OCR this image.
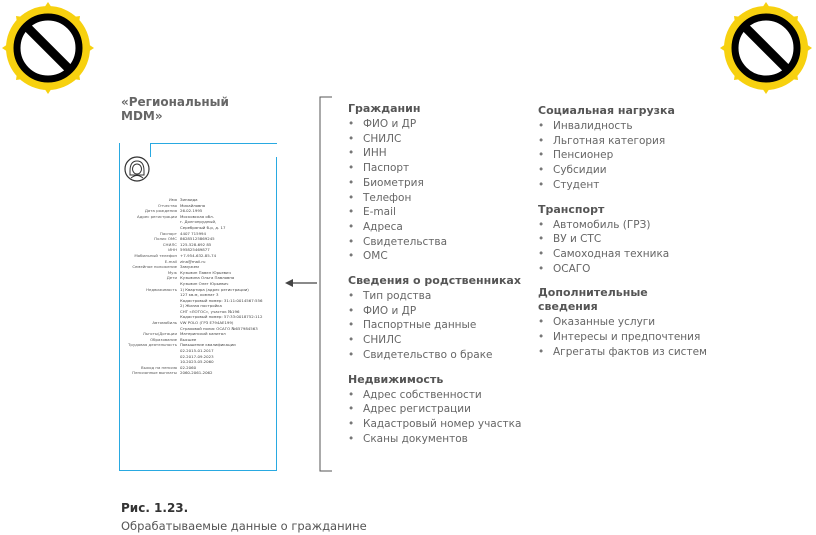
«Региональный
MDM»
Имя Зинаида
Отчество Михайловна
Дата рождения 26.02.1995
Адрес регистрации Московская обл.
г. Долгопрудный,
Серебряный б-р, д. 17
Паспорт 4407 715994
Полис ОМС 86285125869245
СНИЛС 125-528-692 85
ИНН 595825469877
Мобильный телефон +7-954-632-85-74
E-mail zina@mail.ru
Семейное положение Замужем
Муж Кузьмин Павел Юрьевич
Дети Кузьмина Ольга Павловна
Кузьмин Олег Юрьевич
Недвижимость 1) Квартира (адрес регистрации)
127 кв.м, комнат 3
Кадастровый номер: 31:11:0014567:556
2) Жилая постройка
СНТ «ЛОТОС», участок №196
Кадастровый номер: 57:33:0018752:112
Автомобиль VW POLO (ГРЗ E794АЕ199)
Страховой полис ОСАГО №657984563
Льготы/Дотации Материнский капитал
Образование Высшее
Трудовая деятельность Повышение квалификации
02.2015-01.2017
02.2017-09.2023
10.2023-05.2060
Выход на пенсию 02.2060
Пенсионные выплаты 2060-2061-2062
Гражданин
• ФИО и ДР
• СНИЛС
• ИНН
• Паспорт
• Биометрия
• Телефон
• E-mail
• Адреса
• Свидетельства
• ОМС
Сведения о родственниках
• Тип родства
• ФИО и ДР
• Паспортные данные
• СНИЛС
• Свидетельство о браке
Недвижимость
• Адрес собственности
• Адрес регистрации
• Кадастровый номер участка
• Сканы документов
Социальная нагрузка
• Инвалидность
• Льготная категория
• Пенсионер
• Субсидии
• Студент
Транспорт
• Автомобиль (ГРЗ)
• ВУ и СТС
• Самоходная техника
• ОСАГО
Дополнительные
сведения
• Оказанные услуги
• Интересы и предпочтения
• Агрегаты фактов из систем
Рис. 1.23.
Обрабатываемые данные о гражданине
